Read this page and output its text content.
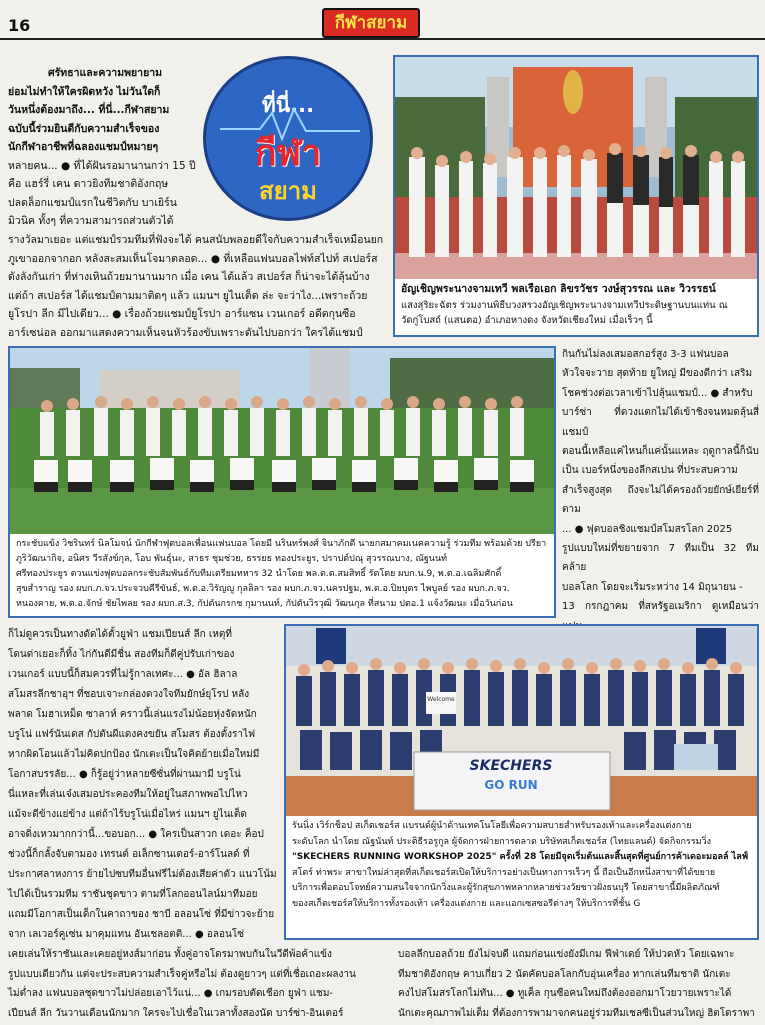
16	กีฬาสยาม
ศรัทธาและความพยายาม
ย่อมไม่ทำให้ใครผิดหวัง ไม่วันใดก็
วันหนึ่งต้องมาถึง... ที่นี่...กีฬาสยาม
ฉบับนี้ร่วมยินดีกับความสำเร็จของ
นักกีฬาอาชีพที่ฉลองแชมป์หมายๆ
หลายคน... ● ที่ได้ฝันรอมานานกว่า 15 ปี
คือ แฮร์รี่ เคน ดาวยิงทีมชาติอังกฤษ
ปลดล็อกแชมป์แรกในชีวิตกับ บาเยิร์น
มิวนิค ทั้งๆ ที่ความสามารถส่วนตัวได้
ที่นี่...
กีฬา
สยาม
รางวัลมาเยอะ แต่แชมป์รวมทีมที่ฟังจะได้ คนสนับพลอยดีใจกับความสำเร็จเหมือนยก
ภูเขาออกจากอก หลังสะสมเห็นโจมาตลอด... ● ที่เหลือแฟนบอลไฟท์สไปท์ สเปอร์ส
ดังลังกันเก่า ที่ห่างเหินถ้วยมานานมาก เมื่อ เคน ได้แล้ว สเปอร์ส ก็น่าจะได้ลุ้นบ้าง
แต่ถ้า สเปอร์ส ได้แชมป์ตามมาติดๆ แล้ว แมนฯ ยูไนเต็ด ล่ะ จะว่าไง...เพราะถ้วย
ยูโรปา ลีก มีไปเดียว... ● เรื่องถ้วยแชมป์ยูโรปา อาร์แซน เวนเกอร์ อดีตกุนซือ
อาร์เซน่อล ออกมาแสดงความเห็นจนหัวร้องขับเพราะดันไปบอกว่า ใครได้แชมป์
อัญเชิญพระนางจามเทวี พลเรือเอก ลิขรวัชร วงษ์สุวรรณ และ วิวรรธน์
แสงสุริยะฉัตร ร่วมงานพิธีบวงสรวงอัญเชิญพระนางจามเทวีประดิษฐานบนแท่น ณ
วัดกู่โบสถ์ (แสนตอ) อำเภอหางดง จังหวัดเชียงใหม่ เมื่อเร็วๆ นี้
กระชับแข้ง วิชรินทร์ นิลโมจน์ นักกีฬาฟุตบอลเพื่อนแฟนบอล โดยมี นรินทร์พงศ์ จินาภักดี นายกสมาคมเนคความรู้ ร่วมทีม พร้อมด้วย ปรียา
ภูริวัฒนากิจ, อนิศร วีรสังข์กุล, โอบ พันธุ์นะ, สาธร ชุมช่วย, ธรรยธ ทองประยูร, ปราปต์ปณุ สุวรรณบาง, ณัฐนนท์
ศรีทองประยูร ตวนแข่งฟุตบอลกระชับสัมพันธ์กับทีมเตรียมทหาร 32 นำโดย พล.ต.ต.สมสิทธิ์ รัตโตย ผบก.น.9, พ.ต.อ.เฉลิมศักดิ์
สุขสำราญ รอง ผบก.ภ.จว.ประจวบคีรีขันธ์, พ.ต.อ.วิรัญญู กุลลิลา รอง ผบก.ภ.จว.นครปฐม, พ.ต.อ.ปิยบุตร ไพบูลย์ รอง ผบก.ภ.จว.
หนองคาย, พ.ต.อ.จักษ์ ชัยไพลย รอง ผบก.ส.3, กัปตันกรกช กุมานนท์, กัปตันวิรวุฒิ วัฒนกุล ที่สนาม ปตอ.1 แจ้งวัฒนะ เมื่อวันก่อน
กินกันไม่ลงเสมอสกอร์สูง 3-3 แฟนบอล
หัวใจจะวาย สุดท้าย ยูใหญ่ มีของดีกว่า เสริม
โชคช่วงต่อเวลาเข้าไปลุ้นแชมป์... ● สำหรับ
บาร์ซ่า ที่ดวงแตกไม่ได้เข้าชิงจนหมดลุ้นสี่แชมป์
ตอนนี้เหลือแค่ไหนก็แค่นั้นแหละ ฤดูกาลนี้ก็นับ
เป็น เบอร์หนึ่งของลีกสเปน ที่ประสบความ
สำเร็จสูงสุด ถึงจะไม่ได้ครองถ้วยยักษ์เยียร์ที่ตาม
... ● ฟุตบอลชิงแชมป์สโมสรโลก 2025
รูปแบบใหม่ที่ขยายจาก 7 ทีมเป็น 32 ทีม คล้าย
บอลโลก โดยจะเริ่มระหว่าง 14 มิถุนายน -
13 กรกฎาคม ที่สหรัฐอเมริกา ดูเหมือนว่า
ก็ไม่ดูควรเป็นทางดัดได้ตั้วยูฟ่า แชมเปียนส์ ลีก เหตุที่
โดนด่าเยอะก็ทิ้ง ไก่กันดีมีชื่น สองทีมก็ดีคู่ปรับเก่าของ
เวนเกอร์ แบบนี้ก็สมควรที่ไม่รู้กาลเทศะ... ● อัล ฮิลาล
สโมสรลีกชาอุฯ ที่ชอบเจาะกล่องดวงใจทีมยักษ์ยุโรป หลัง
พลาด โมฮาเหม็ด ซาลาห์ คราวนี้เล่นแรงไม่น้อยหุ่งจัดหนัก
บรูโน่ แฟร์นันเดส กัปตันผีแดงคงขยัน สโมสร ต้องตั้งราไฟ
หากผิดโอนแล้วไม่คิดปกป้อง นักเตะเป็นใจคิดย้ายเมื่อใหม่มี
โอกาสบรรลัย... ● ก็รู้อยู่ว่าหลายซีซั่นที่ผ่านมามี บรูโน่
นี่แหละที่เล่นเจ๋งเสมอประคองทีมให้อยู่ในสภาพพอไปไหว
แม้จะดีข้างแย่ข้าง แต่ถ้าไร้บรูโน่เมื่อไหร่ แมนฯ ยูไนเต็ด
อาจดิ่งเหวมากกว่านี้...ขอบอก... ● ใครเป็นสาวก เดอะ ค็อป
ช่วงนี้ก็กลั้งจับตามอง เทรนต์ อเล็กซานเดอร์-อาร์โนลด์ ที่
ประกาศลาหงการ ย้ายไปซบทีมอื่นฟรีไม่ต้องเสียค่าตัว แนวโน้ม
ไปได้เป็นรวมทีม ราชันชุดขาว ตามที่โลกออนไลน์มาทีมอย
แถมมีโอกาสเป็นเด็กในคาถาของ ชาบี อลอนโซ่ ที่มีข่าวจะย้าย
จาก เลเวอร์คูเซ่น มาคุมแทน อันเชลอตติ... ● อลอนโซ่
เคยเล่นให้ราชันและเคยอยู่หงส์มาก่อน ทั้งคู่อาจโดรมาพบกันในวีดีพ้อค้าแข้ง
รูปแบบเดียวกัน แต่จะประสบความสำเร็จคู่หรือไม่ ต้องดูยาวๆ แต่ที่เชื่อเถอะผลงาน
ไม่ต่ำลง แฟนบอลชุดขาวไม่ปล่อยเอาไว้แน่... ● เกมรอบตัดเชือก ยูฟ่า แชม-
เปียนส์ ลีก วันวานเดือนนักมาก ใครจะไปเชื่อในเวลาทั้งสองนัด บาร์ซ่า-อินเตอร์
SKECHERS
GO RUN
Welcome
รันนิ่ง เวิร์กช็อป สเก็ตเชอร์ส แบรนด์ผู้นำด้านเทคโนโลยีเพื่อความสบายสำหรับรองเท้าและเครื่องแต่งกาย
ระดับโลก นำโดย ณัฐนันท์ ประติธีรอรูกูล ผู้จัดการฝ่ายการตลาด บริษัทสเก็ตเชอร์ส (ไทยแลนด์) จัดกิจกรรมวิ่ง
"SKECHERS RUNNING WORKSHOP 2025" ครั้งที่ 28 โดยมีจุดเริ่มต้นและสิ้นสุดที่ศูนย์การค้าเดอะมอลล์ ไลฟ์
สโตร์ ท่าพระ สาขาใหม่ล่าสุดที่สเก็ตเชอร์สเปิดให้บริการอย่างเป็นทางการเร็วๆ นี้ ถือเป็นอีกหนึ่งสาขาที่ได้ขยาย
บริการเพื่อตอบโจทย์ความสนใจจากนักวิ่งและผู้รักสุขภาพหลากหลายช่วงวัยชาวฝั่งธนบุรี โดยสาขานี้มีผลิตภัณฑ์
ของสเก็ตเชอร์สให้บริการทั้งรองเท้า เครื่องแต่งกาย และแอกเซสซอรีต่างๆ ให้บริการที่ชั้น G
บอลลีกบอลถ้วย ยังไม่จบดี แถมก่อนแข่งยังมีเกม ฟีฟ่าเดย์ ให้ปวดหัว โดยเฉพาะ
ทีมชาติอังกฤษ คาบเกี่ยว 2 นัดคัดบอลโลกกับอุ่นเครื่อง ทากเล่นทีมชาติ นักเตะ
คงไปสโมสรโลกไม่ทัน... ● ทูเค็ล กุนซือคนใหม่ถึงต้องออกมาโวยวายเพราะได้
นักเตะคุณภาพไม่เต็ม ที่ต้องการพามาจกคนอยู่ร่วมทีมเชลซีเป็นส่วนใหญ่ ฮิตโดราพา
